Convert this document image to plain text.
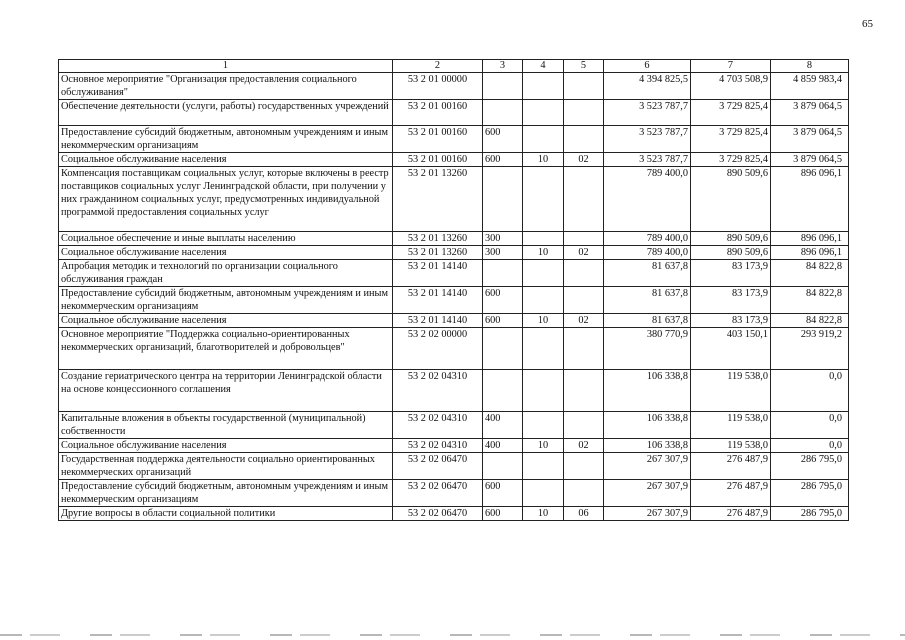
65
1	2	3	4	5	6	7	8
Основное мероприятие "Организация предоставления социального обслуживания"	53 2 01 00000				4 394 825,5	4 703 508,9	4 859 983,4
Обеспечение деятельности (услуги, работы) государственных учреждений	53 2 01 00160				3 523 787,7	3 729 825,4	3 879 064,5
Предоставление субсидий бюджетным, автономным учреждениям и иным некоммерческим организациям	53 2 01 00160	600			3 523 787,7	3 729 825,4	3 879 064,5
Социальное обслуживание населения	53 2 01 00160	600	10	02	3 523 787,7	3 729 825,4	3 879 064,5
Компенсация поставщикам социальных услуг, которые включены в реестр поставщиков социальных услуг Ленинградской области, при получении у них гражданином социальных услуг, предусмотренных индивидуальной программой предоставления социальных услуг	53 2 01 13260				789 400,0	890 509,6	896 096,1
Социальное обеспечение и иные выплаты населению	53 2 01 13260	300			789 400,0	890 509,6	896 096,1
Социальное обслуживание населения	53 2 01 13260	300	10	02	789 400,0	890 509,6	896 096,1
Апробация методик и технологий по организации социального обслуживания граждан	53 2 01 14140				81 637,8	83 173,9	84 822,8
Предоставление субсидий бюджетным, автономным учреждениям и иным некоммерческим организациям	53 2 01 14140	600			81 637,8	83 173,9	84 822,8
Социальное обслуживание населения	53 2 01 14140	600	10	02	81 637,8	83 173,9	84 822,8
Основное мероприятие "Поддержка социально-ориентированных некоммерческих организаций, благотворителей и добровольцев"	53 2 02 00000				380 770,9	403 150,1	293 919,2
Создание гериатрического центра на территории Ленинградской области на основе концессионного соглашения	53 2 02 04310				106 338,8	119 538,0	0,0
Капитальные вложения в объекты государственной (муниципальной) собственности	53 2 02 04310	400			106 338,8	119 538,0	0,0
Социальное обслуживание населения	53 2 02 04310	400	10	02	106 338,8	119 538,0	0,0
Государственная поддержка деятельности социально ориентированных некоммерческих организаций	53 2 02 06470				267 307,9	276 487,9	286 795,0
Предоставление субсидий бюджетным, автономным учреждениям и иным некоммерческим организациям	53 2 02 06470	600			267 307,9	276 487,9	286 795,0
Другие вопросы в области социальной политики	53 2 02 06470	600	10	06	267 307,9	276 487,9	286 795,0
